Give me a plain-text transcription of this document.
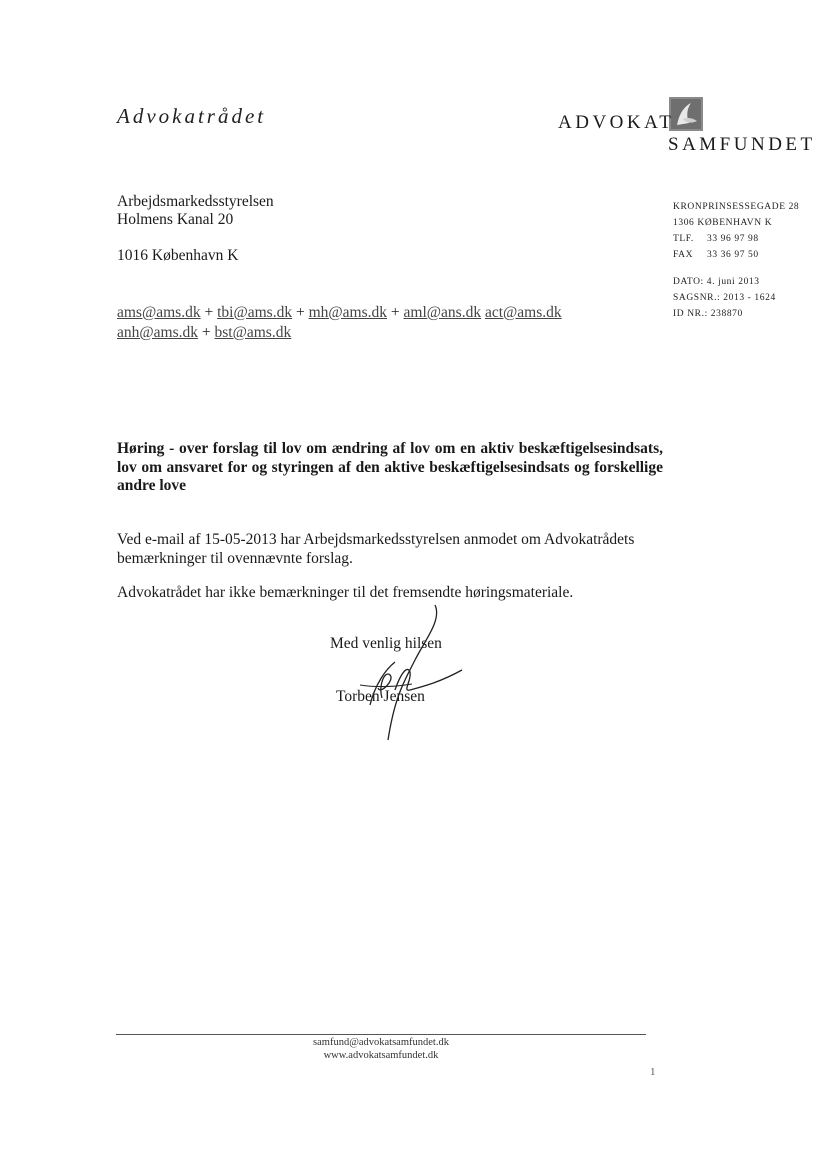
Advokatrådet	ADVOKAT
SAMFUNDET
Arbejdsmarkedsstyrelsen
Holmens Kanal 20
1016 København K
KRONPRINSESSEGADE 28
1306 KØBENHAVN K
TLF. 33 96 97 98
FAX 33 36 97 50
DATO: 4. juni 2013
SAGSNR.: 2013 - 1624
ID NR.: 238870
ams@ams.dk + tbi@ams.dk + mh@ams.dk + aml@ans.dk act@ams.dk
anh@ams.dk + bst@ams.dk
Høring - over forslag til lov om ændring af lov om en aktiv beskæftigelsesindsats, lov om ansvaret for og styringen af den aktive beskæftigelsesindsats og forskellige andre love
Ved e-mail af 15-05-2013 har Arbejdsmarkedsstyrelsen anmodet om Advokatrådets bemærkninger til ovennævnte forslag.
Advokatrådet har ikke bemærkninger til det fremsendte høringsmateriale.
Med venlig hilsen
Torben Jensen
samfund@advokatsamfundet.dk
www.advokatsamfundet.dk
1
